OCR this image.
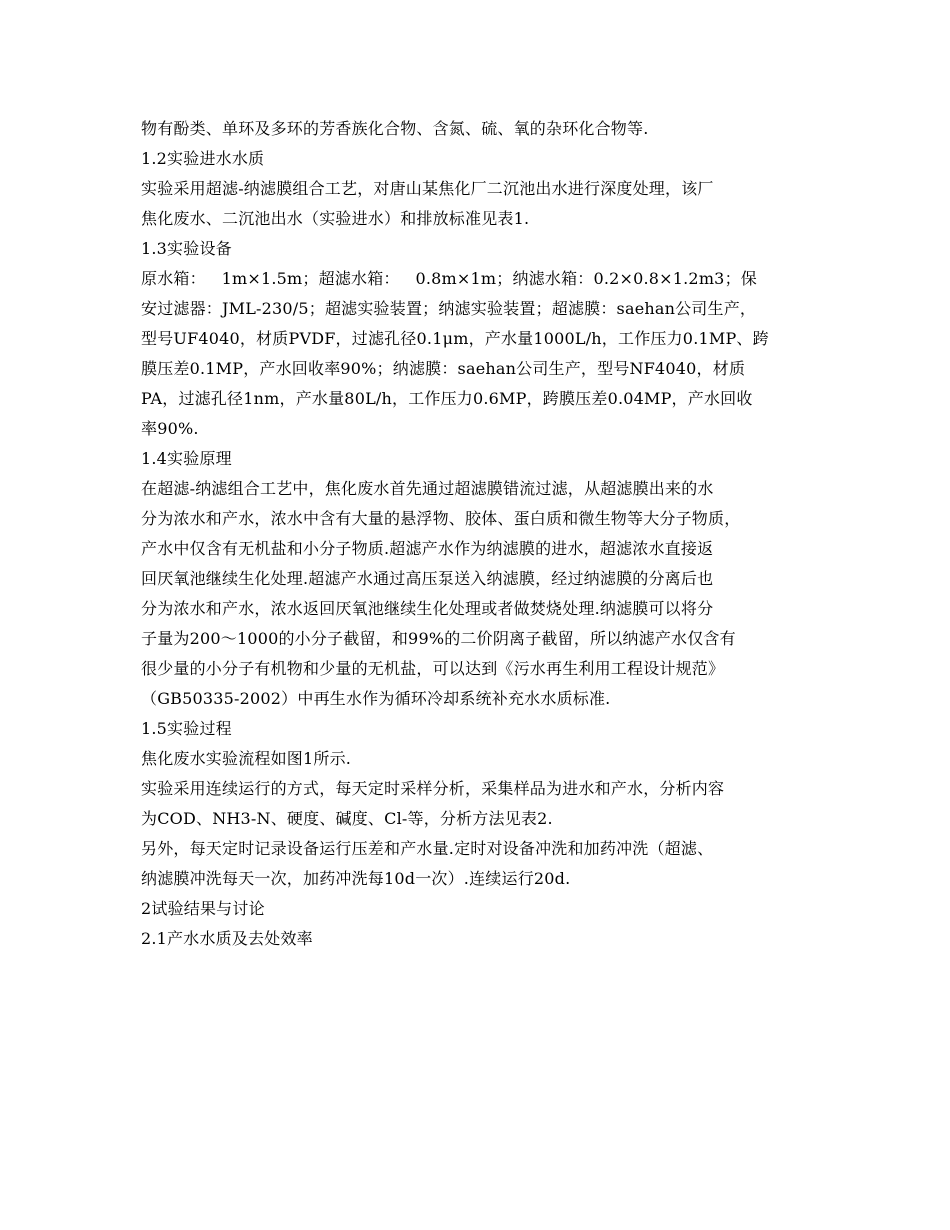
物有酚类、单环及多环的芳香族化合物、含氮、硫、氧的杂环化合物等.
1.2实验进水水质
实验采用超滤-纳滤膜组合工艺，对唐山某焦化厂二沉池出水进行深度处理，该厂
焦化废水、二沉池出水（实验进水）和排放标准见表1.
1.3实验设备
原水箱：   1m×1.5m；超滤水箱：   0.8m×1m；纳滤水箱：0.2×0.8×1.2m3；保
安过滤器：JML-230/5；超滤实验装置；纳滤实验装置；超滤膜：saehan公司生产，
型号UF4040，材质PVDF，过滤孔径0.1μm，产水量1000L/h，工作压力0.1MP、跨
膜压差0.1MP，产水回收率90%；纳滤膜：saehan公司生产，型号NF4040，材质
PA，过滤孔径1nm，产水量80L/h，工作压力0.6MP，跨膜压差0.04MP，产水回收
率90%.
1.4实验原理
在超滤-纳滤组合工艺中，焦化废水首先通过超滤膜错流过滤，从超滤膜出来的水
分为浓水和产水，浓水中含有大量的悬浮物、胶体、蛋白质和微生物等大分子物质，
产水中仅含有无机盐和小分子物质.超滤产水作为纳滤膜的进水，超滤浓水直接返
回厌氧池继续生化处理.超滤产水通过高压泵送入纳滤膜，经过纳滤膜的分离后也
分为浓水和产水，浓水返回厌氧池继续生化处理或者做焚烧处理.纳滤膜可以将分
子量为200～1000的小分子截留，和99%的二价阴离子截留，所以纳滤产水仅含有
很少量的小分子有机物和少量的无机盐，可以达到《污水再生利用工程设计规范》
（GB50335-2002）中再生水作为循环冷却系统补充水水质标准.
1.5实验过程
焦化废水实验流程如图1所示.
实验采用连续运行的方式，每天定时采样分析，采集样品为进水和产水，分析内容
为COD、NH3-N、硬度、碱度、Cl-等，分析方法见表2.
另外，每天定时记录设备运行压差和产水量.定时对设备冲洗和加药冲洗（超滤、
纳滤膜冲洗每天一次，加药冲洗每10d一次）.连续运行20d.
2试验结果与讨论
2.1产水水质及去处效率
